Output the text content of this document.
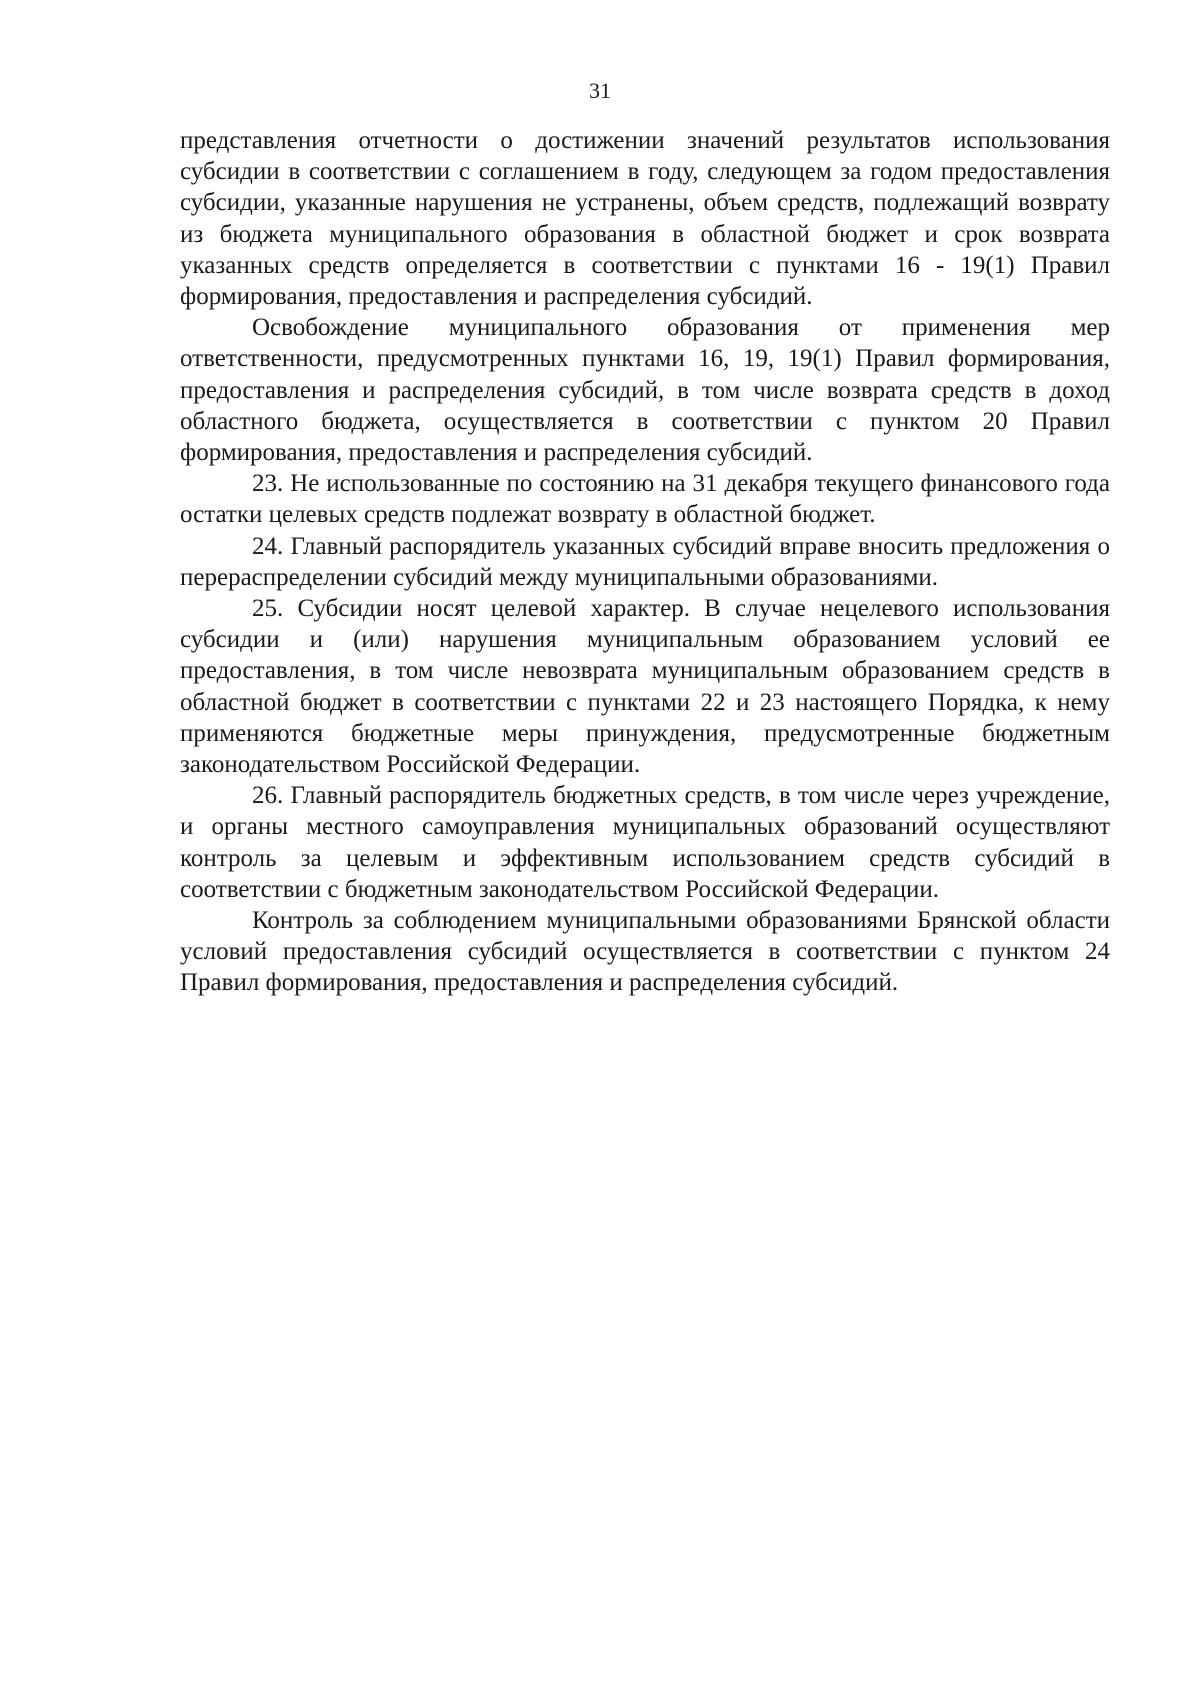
31

представления отчетности о достижении значений результатов использования субсидии в соответствии с соглашением в году, следующем за годом предоставления субсидии, указанные нарушения не устранены, объем средств, подлежащий возврату из бюджета муниципального образования в областной бюджет и срок возврата указанных средств определяется в соответствии с пунктами 16 - 19(1) Правил формирования, предоставления и распределения субсидий.

Освобождение муниципального образования от применения мер ответственности, предусмотренных пунктами 16, 19, 19(1) Правил формирования, предоставления и распределения субсидий, в том числе возврата средств в доход областного бюджета, осуществляется в соответствии с пунктом 20 Правил формирования, предоставления и распределения субсидий.

23. Не использованные по состоянию на 31 декабря текущего финансового года остатки целевых средств подлежат возврату в областной бюджет.

24. Главный распорядитель указанных субсидий вправе вносить предложения о перераспределении субсидий между муниципальными образованиями.

25. Субсидии носят целевой характер. В случае нецелевого использования субсидии и (или) нарушения муниципальным образованием условий ее предоставления, в том числе невозврата муниципальным образованием средств в областной бюджет в соответствии с пунктами 22 и 23 настоящего Порядка, к нему применяются бюджетные меры принуждения, предусмотренные бюджетным законодательством Российской Федерации.

26. Главный распорядитель бюджетных средств, в том числе через учреждение, и органы местного самоуправления муниципальных образований осуществляют контроль за целевым и эффективным использованием средств субсидий в соответствии с бюджетным законодательством Российской Федерации.

Контроль за соблюдением муниципальными образованиями Брянской области условий предоставления субсидий осуществляется в соответствии с пунктом 24 Правил формирования, предоставления и распределения субсидий.
